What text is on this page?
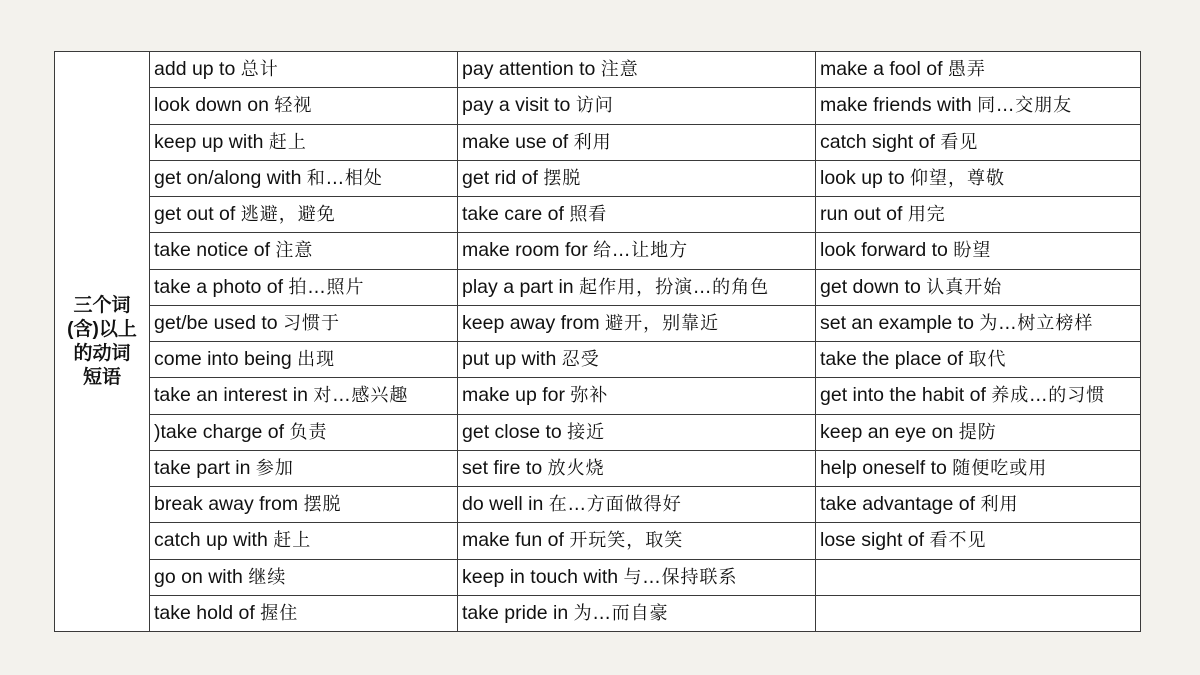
三个词
(含)以上
的动词
短语	add up to 总计	pay attention to 注意	make a fool of 愚弄
	look down on 轻视	pay a visit to 访问	make friends with 同…交朋友
	keep up with 赶上	make use of 利用	catch sight of 看见
	get on/along with 和…相处	get rid of 摆脱	look up to 仰望，尊敬
	get out of 逃避，避免	take care of 照看	run out of 用完
	take notice of 注意	make room for 给…让地方	look forward to 盼望
	take a photo of 拍…照片	play a part in 起作用，扮演…的角色	get down to 认真开始
	get/be used to 习惯于	keep away from 避开，别靠近	set an example to 为…树立榜样
	come into being 出现	put up with 忍受	take the place of 取代
	take an interest in 对…感兴趣	make up for 弥补	get into the habit of 养成…的习惯
	)take charge of 负责	get close to 接近	keep an eye on 提防
	take part in 参加	set fire to 放火烧	help oneself to 随便吃或用
	break away from 摆脱	do well in 在…方面做得好	take advantage of 利用
	catch up with 赶上	make fun of 开玩笑，取笑	lose sight of 看不见
	go on with 继续	keep in touch with 与…保持联系	
	take hold of 握住	take pride in 为…而自豪	
